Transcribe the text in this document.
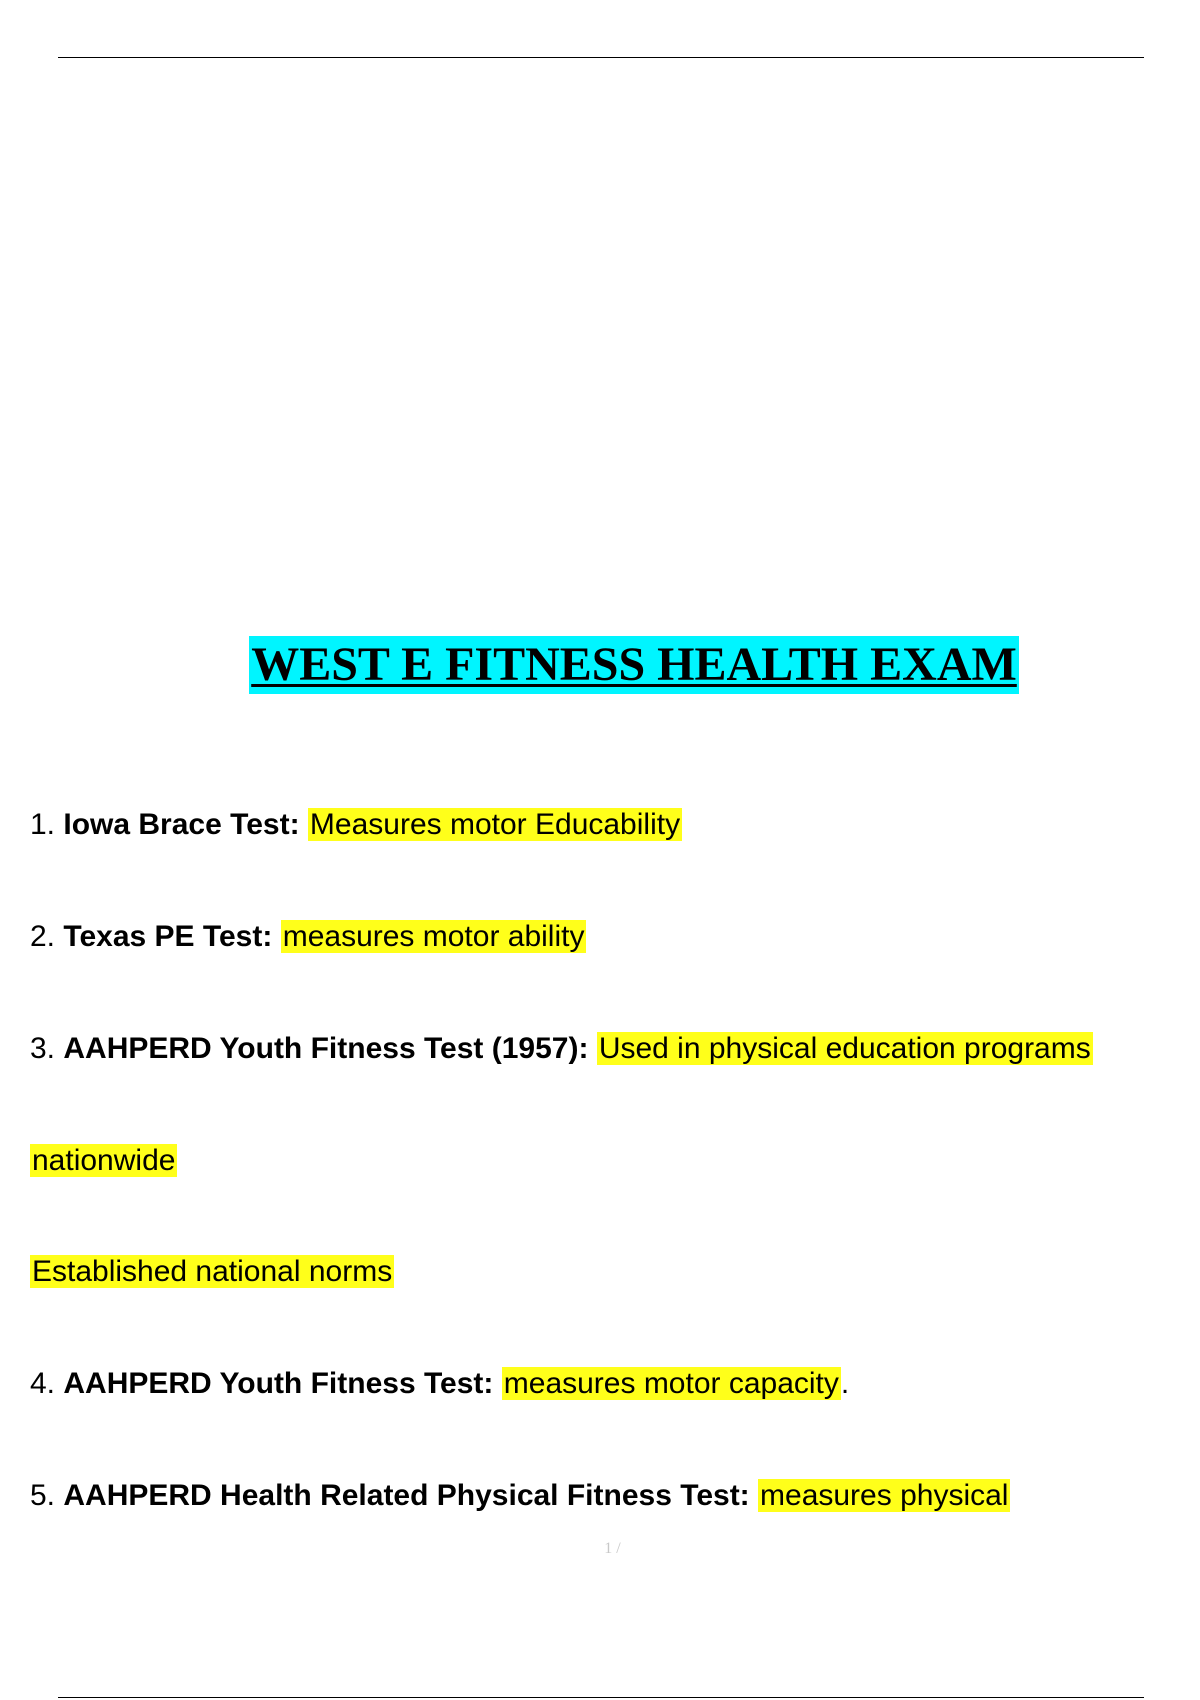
WEST E FITNESS HEALTH EXAM
1. Iowa Brace Test: Measures motor Educability
2. Texas PE Test: measures motor ability
3. AAHPERD Youth Fitness Test (1957): Used in physical education programs
nationwide
Established national norms
4. AAHPERD Youth Fitness Test: measures motor capacity.
5. AAHPERD Health Related Physical Fitness Test: measures physical
1 /
